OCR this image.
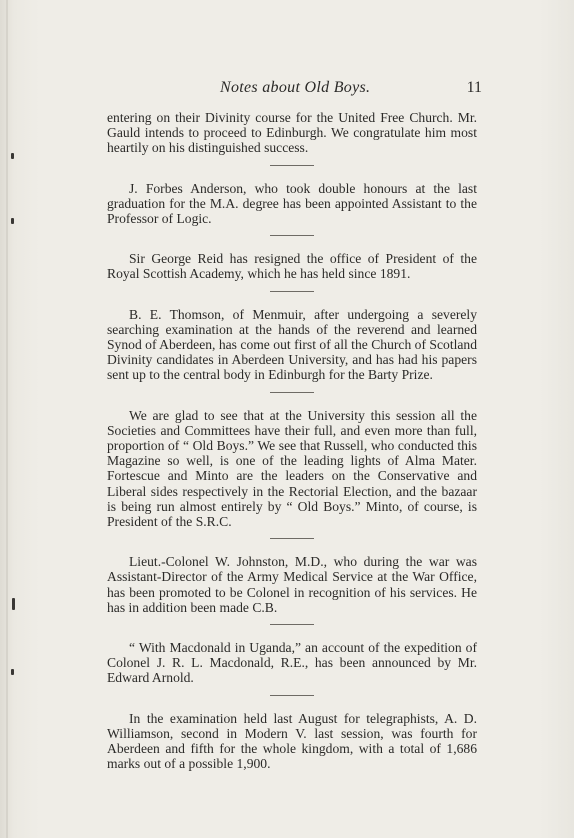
Notes about Old Boys.	11

entering on their Divinity course for the United Free Church. Mr. Gauld intends to proceed to Edinburgh. We congratulate him most heartily on his distinguished success.

J. Forbes Anderson, who took double honours at the last graduation for the M.A. degree has been appointed Assistant to the Professor of Logic.

Sir George Reid has resigned the office of President of the Royal Scottish Academy, which he has held since 1891.

B. E. Thomson, of Menmuir, after undergoing a severely searching examination at the hands of the reverend and learned Synod of Aberdeen, has come out first of all the Church of Scotland Divinity candidates in Aberdeen University, and has had his papers sent up to the central body in Edinburgh for the Barty Prize.

We are glad to see that at the University this session all the Societies and Committees have their full, and even more than full, proportion of “ Old Boys.” We see that Russell, who conducted this Magazine so well, is one of the leading lights of Alma Mater. Fortescue and Minto are the leaders on the Conservative and Liberal sides respectively in the Rectorial Election, and the bazaar is being run almost entirely by “ Old Boys.” Minto, of course, is President of the S.R.C.

Lieut.-Colonel W. Johnston, M.D., who during the war was Assistant-Director of the Army Medical Service at the War Office, has been promoted to be Colonel in recognition of his services. He has in addition been made C.B.

“ With Macdonald in Uganda,” an account of the expedition of Colonel J. R. L. Macdonald, R.E., has been announced by Mr. Edward Arnold.

In the examination held last August for telegraphists, A. D. Williamson, second in Modern V. last session, was fourth for Aberdeen and fifth for the whole kingdom, with a total of 1,686 marks out of a possible 1,900.
